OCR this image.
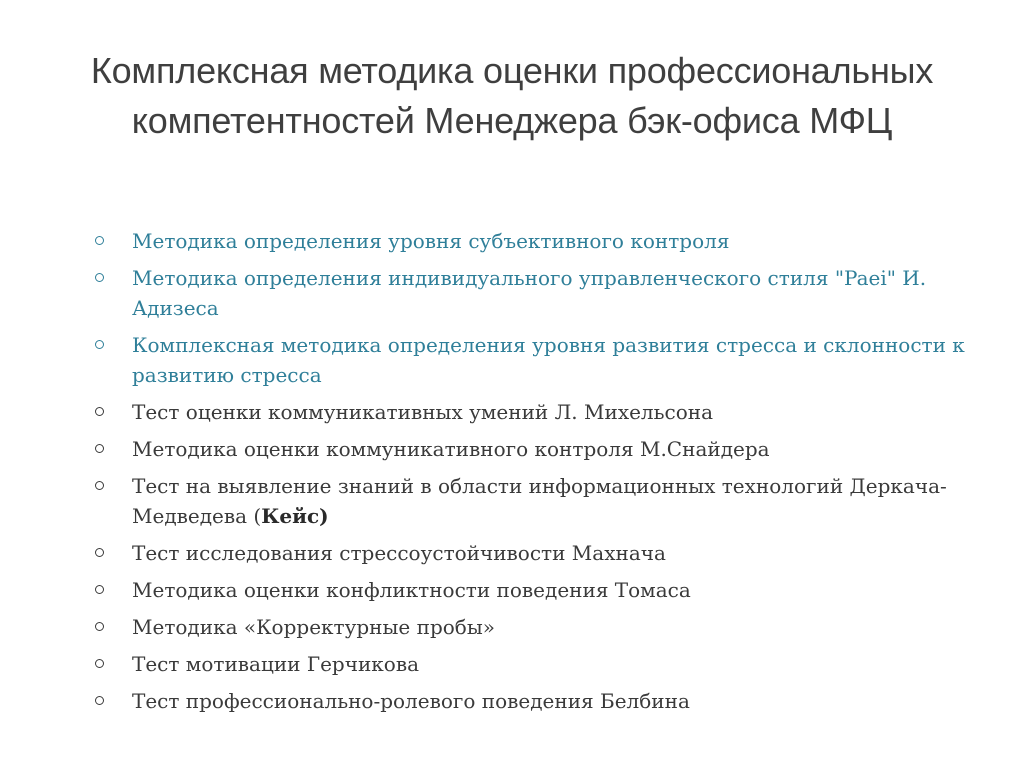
Комплексная методика оценки профессиональных компетентностей Менеджера бэк-офиса МФЦ
Методика определения уровня субъективного контроля
Методика определения индивидуального управленческого стиля "Paei" И. Адизеса
Комплексная методика определения уровня развития стресса и склонности к развитию стресса
Тест оценки коммуникативных умений Л. Михельсона
Методика оценки коммуникативного контроля М.Снайдера
Тест на выявление знаний в области информационных технологий Деркача-Медведева (Кейс)
Тест исследования стрессоустойчивости Махнача
Методика оценки конфликтности поведения Томаса
Методика «Корректурные пробы»
Тест мотивации Герчикова
Тест профессионально-ролевого поведения Белбина
